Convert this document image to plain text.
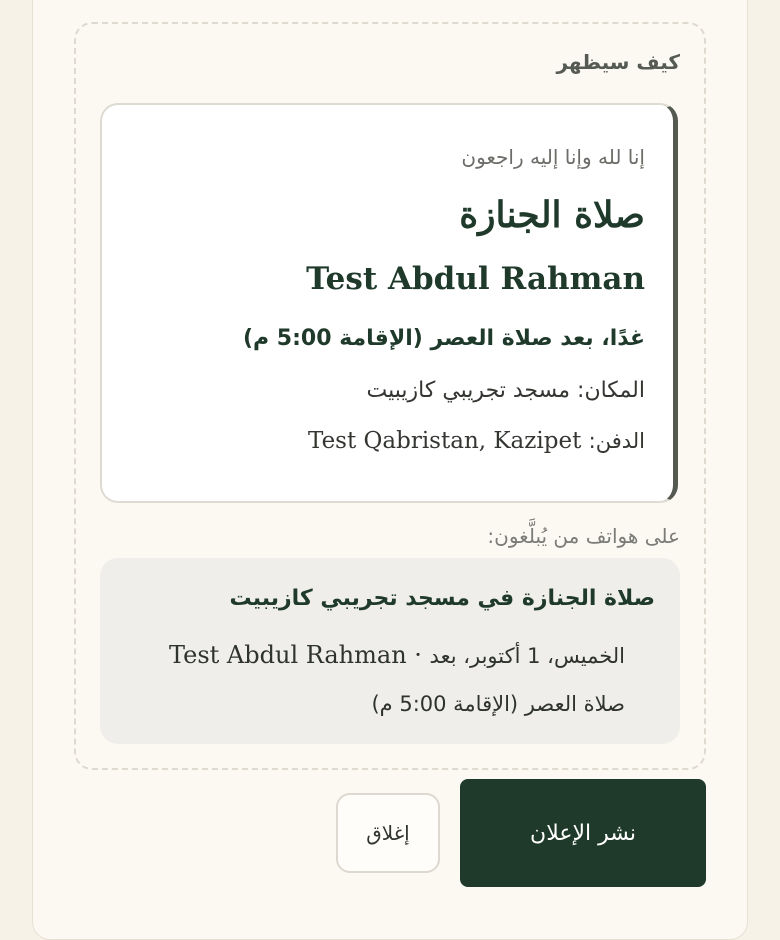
كيف سيظهر
إنا لله وإنا إليه راجعون
صلاة الجنازة
Test Abdul Rahman
غدًا، بعد صلاة العصر (الإقامة 5:00 م)
المكان: مسجد تجريبي كازيبيت
الدفن: Test Qabristan, Kazipet
على هواتف من يُبلَّغون:
صلاة الجنازة في مسجد تجريبي كازيبيت
الخميس، 1 أكتوبر، بعد · Test Abdul Rahman
صلاة العصر (الإقامة 5:00 م)
إغلاق	نشر الإعلان
